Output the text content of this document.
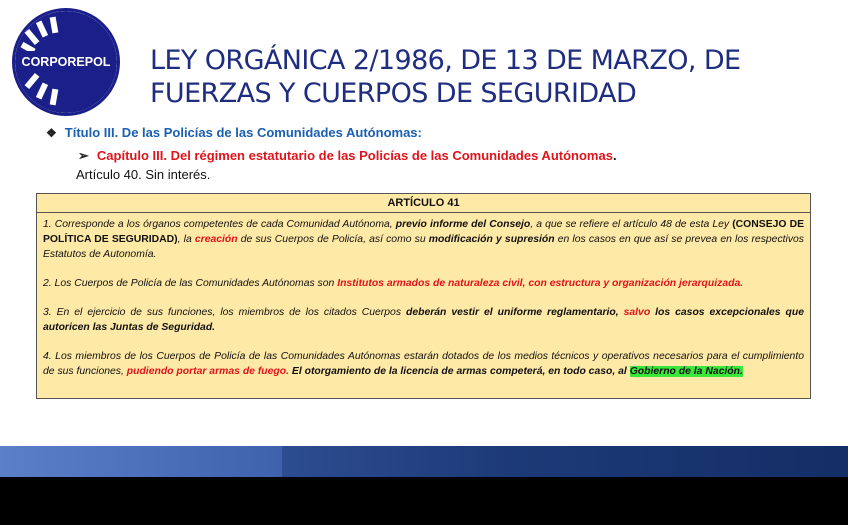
CORPOREPOL LEY ORGÁNICA 2/1986, DE 13 DE MARZO, DE
FUERZAS Y CUERPOS DE SEGURIDAD
❖ Título III. De las Policías de las Comunidades Autónomas:
➢ Capítulo III. Del régimen estatutario de las Policías de las Comunidades Autónomas.
Artículo 40. Sin interés.
ARTÍCULO 41

1. Corresponde a los órganos competentes de cada Comunidad Autónoma, previo informe del Consejo, a que se refiere el artículo 48 de esta Ley (CONSEJO DE POLÍTICA DE SEGURIDAD), la creación de sus Cuerpos de Policía, así como su modificación y supresión en los casos en que así se prevea en los respectivos Estatutos de Autonomía.

2. Los Cuerpos de Policía de las Comunidades Autónomas son Institutos armados de naturaleza civil, con estructura y organización jerarquizada.

3. En el ejercicio de sus funciones, los miembros de los citados Cuerpos deberán vestir el uniforme reglamentario, salvo los casos excepcionales que autoricen las Juntas de Seguridad.

4. Los miembros de los Cuerpos de Policía de las Comunidades Autónomas estarán dotados de los medios técnicos y operativos necesarios para el cumplimiento de sus funciones, pudiendo portar armas de fuego. El otorgamiento de la licencia de armas competerá, en todo caso, al Gobierno de la Nación.
